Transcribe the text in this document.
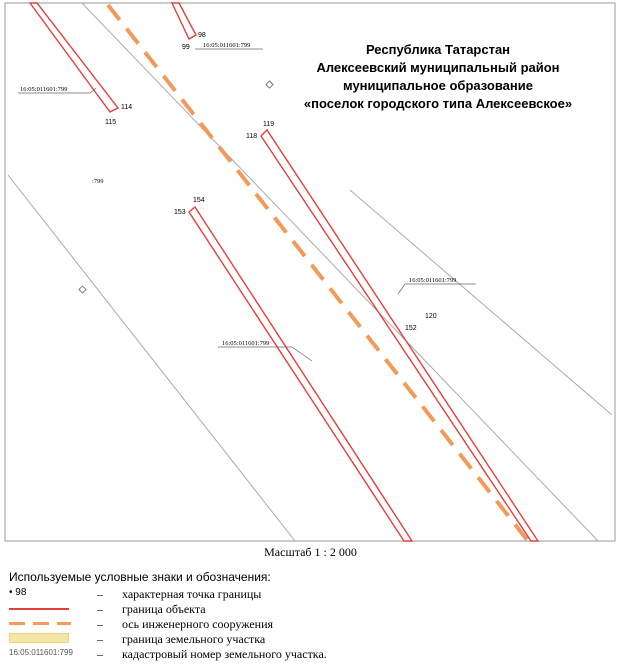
Республика Татарстан
Алексеевский муниципальный район
муниципальное образование
«поселок городского типа Алексеевское»
98
99
114
115	119
118
154
153
120
152
16:05:011601:799
16:05:011601:799
:799
16:05:011601:799
16:05:011601:799
Масштаб 1 : 2 000
Используемые условные знаки и обозначения:
• 98	– характерная точка границы
– граница объекта
– ось инженерного сооружения
– граница земельного участка
16:05:011601:799 – кадастровый номер земельного участка.
